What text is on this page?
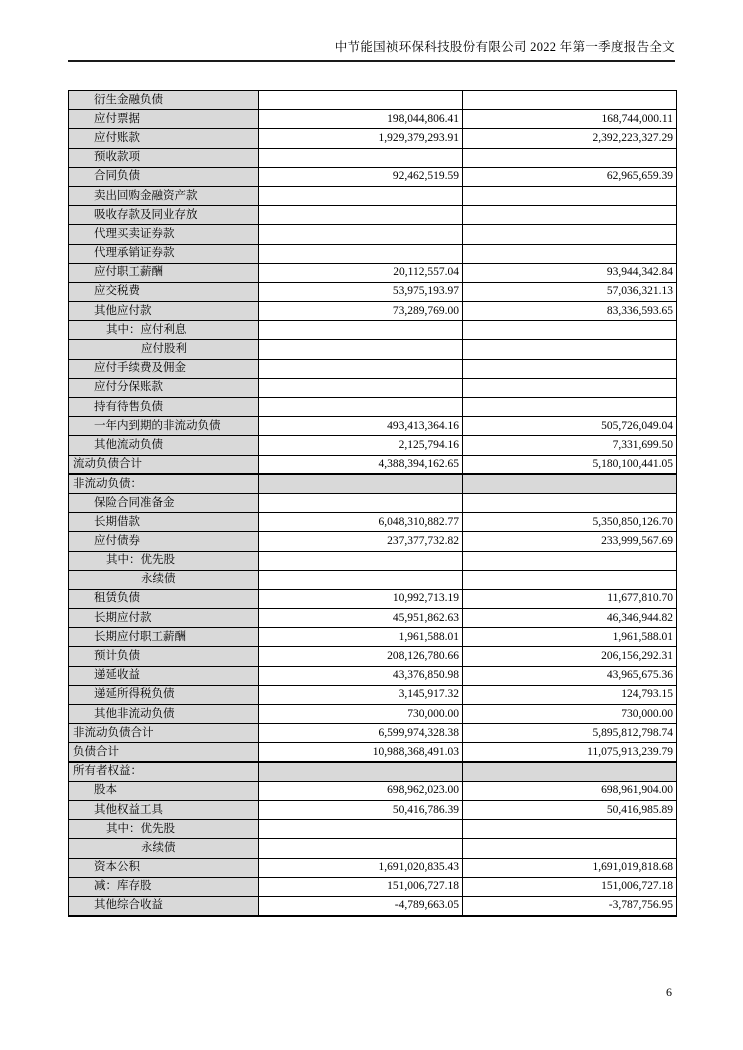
中节能国祯环保科技股份有限公司 2022 年第一季度报告全文
衍生金融负债		
应付票据	198,044,806.41	168,744,000.11
应付账款	1,929,379,293.91	2,392,223,327.29
预收款项		
合同负债	92,462,519.59	62,965,659.39
卖出回购金融资产款		
吸收存款及同业存放		
代理买卖证券款		
代理承销证券款		
应付职工薪酬	20,112,557.04	93,944,342.84
应交税费	53,975,193.97	57,036,321.13
其他应付款	73,289,769.00	83,336,593.65
其中：应付利息		
应付股利		
应付手续费及佣金		
应付分保账款		
持有待售负债		
一年内到期的非流动负债	493,413,364.16	505,726,049.04
其他流动负债	2,125,794.16	7,331,699.50
流动负债合计	4,388,394,162.65	5,180,100,441.05
非流动负债：		
保险合同准备金		
长期借款	6,048,310,882.77	5,350,850,126.70
应付债券	237,377,732.82	233,999,567.69
其中：优先股		
永续债		
租赁负债	10,992,713.19	11,677,810.70
长期应付款	45,951,862.63	46,346,944.82
长期应付职工薪酬	1,961,588.01	1,961,588.01
预计负债	208,126,780.66	206,156,292.31
递延收益	43,376,850.98	43,965,675.36
递延所得税负债	3,145,917.32	124,793.15
其他非流动负债	730,000.00	730,000.00
非流动负债合计	6,599,974,328.38	5,895,812,798.74
负债合计	10,988,368,491.03	11,075,913,239.79
所有者权益：		
股本	698,962,023.00	698,961,904.00
其他权益工具	50,416,786.39	50,416,985.89
其中：优先股		
永续债		
资本公积	1,691,020,835.43	1,691,019,818.68
减：库存股	151,006,727.18	151,006,727.18
其他综合收益	-4,789,663.05	-3,787,756.95
6
